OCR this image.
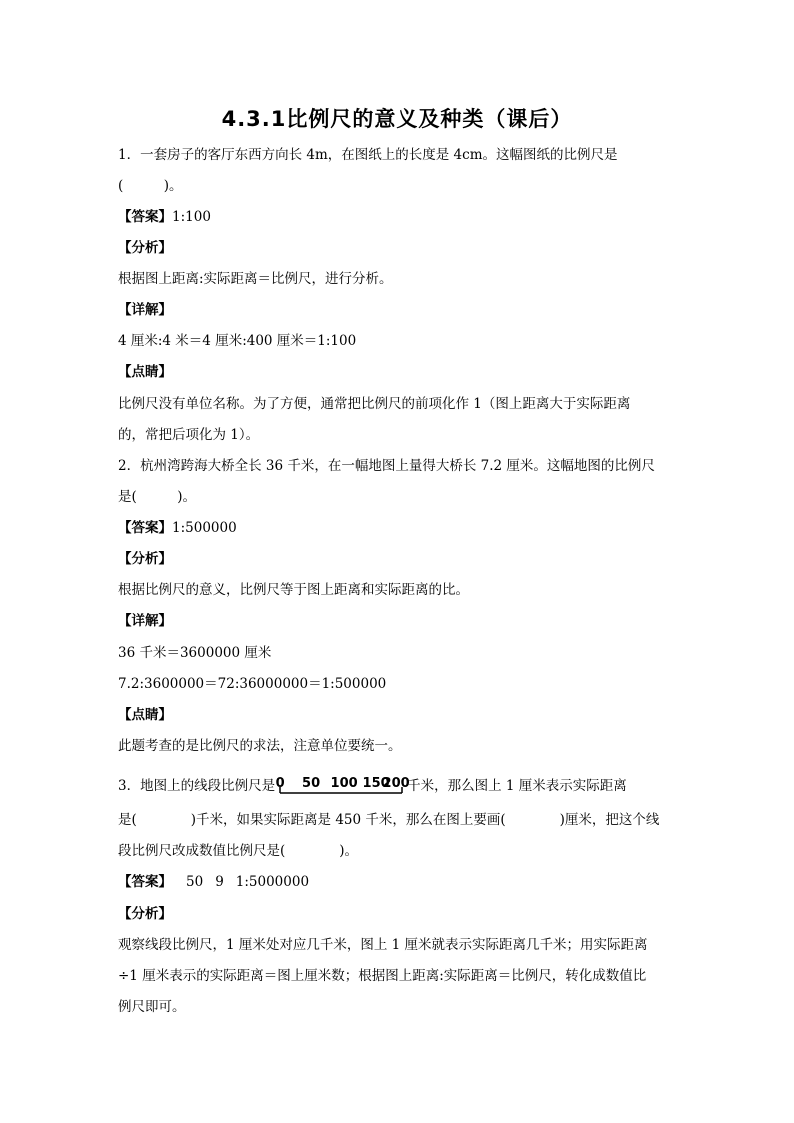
4.3.1比例尺的意义及种类（课后）
1．一套房子的客厅东西方向长 4m，在图纸上的长度是 4cm。这幅图纸的比例尺是
(　　　)。
【答案】1:100
【分析】
根据图上距离:实际距离＝比例尺，进行分析。
【详解】
4 厘米:4 米＝4 厘米:400 厘米＝1:100
【点睛】
比例尺没有单位名称。为了方便，通常把比例尺的前项化作 1（图上距离大于实际距离
的，常把后项化为 1）。
2．杭州湾跨海大桥全长 36 千米，在一幅地图上量得大桥长 7.2 厘米。这幅地图的比例尺
是(　　　)。
【答案】1:500000
【分析】
根据比例尺的意义，比例尺等于图上距离和实际距离的比。
【详解】
36 千米＝3600000 厘米
7.2:3600000＝72:36000000＝1:500000
【点睛】
此题考查的是比例尺的求法，注意单位要统一。
3．地图上的线段比例尺是 0 50 100 150
200
千米，那么图上 1 厘米表示实际距离
是(　　　　)千米，如果实际距离是 450 千米，那么在图上要画(　　　　)厘米，把这个线
段比例尺改成数值比例尺是(　　　　)。
【答案】 50 9 1:5000000
【分析】
观察线段比例尺，1 厘米处对应几千米，图上 1 厘米就表示实际距离几千米；用实际距离
÷1 厘米表示的实际距离＝图上厘米数；根据图上距离:实际距离＝比例尺，转化成数值比
例尺即可。
